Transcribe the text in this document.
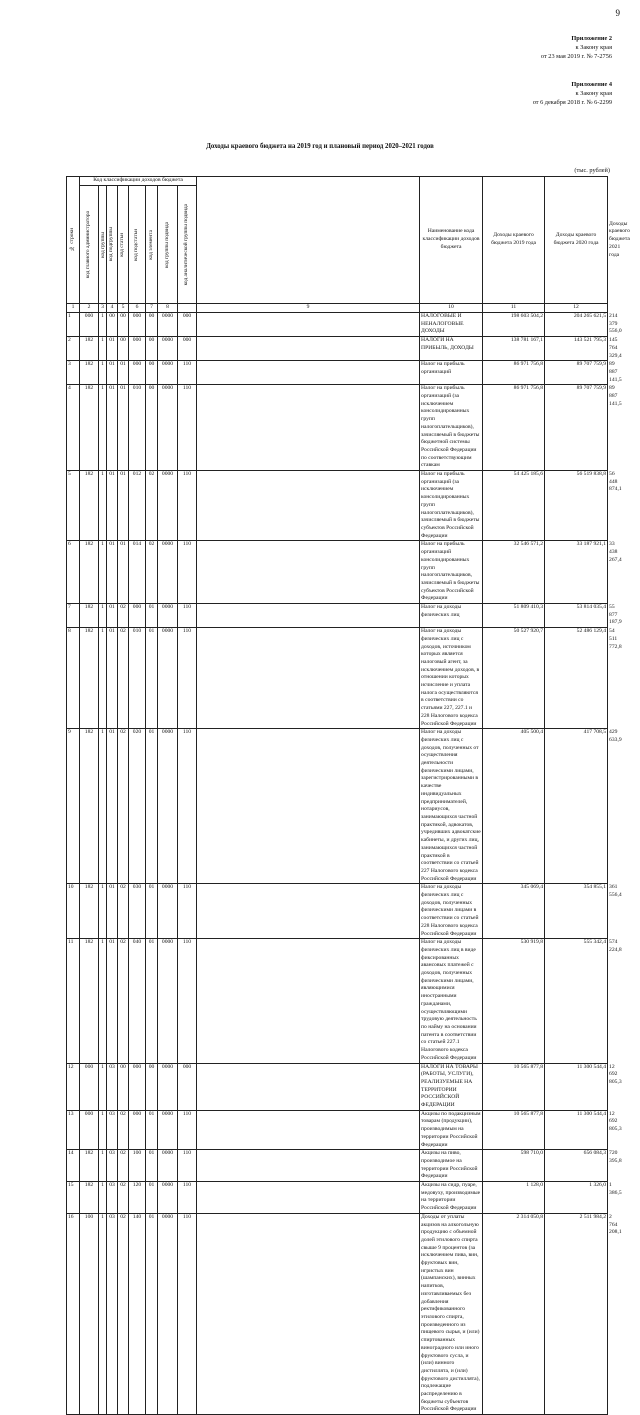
9
Приложение 2
к Закону края
от 23 мая 2019 г. № 7-2756
Приложение 4
к Закону края
от 6 декабря 2018 г. № 6-2299
Доходы краевого бюджета на 2019 год и плановый период 2020–2021 годов
(тыс. рублей)
№ строки	Код классификации доходов бюджета									Наименование кода классификации доходов бюджета	Доходы краевого бюджета 2019 года	Доходы краевого бюджета 2020 года	Доходы краевого бюджета 2021 года

	код главного администратора	код группы	код подгруппы	код статьи	код подстатьи	код элемента	код группы подвида	код аналитической группы подвида					

1	2	3	4	5	6	7	8		9	10	11	12	
1	000	1	00	00	000	00	0000	000		НАЛОГОВЫЕ И НЕНАЛОГОВЫЕ ДОХОДЫ	198 603 504,2	204 265 621,5	214 379 556,0
2	182	1	01	00	000	00	0000	000		НАЛОГИ НА ПРИБЫЛЬ, ДОХОДЫ	138 781 167,1	143 521 795,3	145 764 329,4
3	182	1	01	01	000	00	0000	110		Налог на прибыль организаций	86 971 756,8	89 707 759,9	89 887 141,5
4	182	1	01	01	010	00	0000	110		Налог на прибыль организаций (за исключением консолидированных групп налогоплательщиков), зачисляемый в бюджеты бюджетной системы Российской Федерации по соответствующим ставкам	86 971 756,8	89 707 759,9	89 887 141,5
5	182	1	01	01	012	02	0000	110		Налог на прибыль организаций (за исключением консолидированных групп налогоплательщиков), зачисляемый в бюджеты субъектов Российской Федерации	54 425 185,6	56 519 838,8	56 448 874,1
6	182	1	01	01	014	02	0000	110		Налог на прибыль организаций консолидированных групп налогоплательщиков, зачисляемый в бюджеты субъектов Российской Федерации	32 546 571,2	33 187 921,1	33 438 267,4
7	182	1	01	02	000	01	0000	110		Налог на доходы физических лиц	51 809 410,3	53 814 035,4	55 877 187,9
8	182	1	01	02	010	01	0000	110		Налог на доходы физических лиц с доходов, источником которых является налоговый агент, за исключением доходов, в отношении которых исчисление и уплата налога осуществляются в соответствии со статьями 227, 227.1 и 228 Налогового кодекса Российской Федерации	50 527 920,7	52 486 129,4	54 511 772,8
9	182	1	01	02	020	01	0000	110		Налог на доходы физических лиц с доходов, полученных от осуществления деятельности физическими лицами, зарегистрированными в качестве индивидуальных предпринимателей, нотариусов, занимающихся частной практикой, адвокатов, учредивших адвокатские кабинеты, и других лиц, занимающихся частной практикой в соответствии со статьей 227 Налогового кодекса Российской Федерации	405 500,4	417 708,5	429 633,9
10	182	1	01	02	030	01	0000	110		Налог на доходы физических лиц с доходов, полученных физическими лицами в соответствии со статьей 228 Налогового кодекса Российской Федерации	345 069,4	354 855,1	361 556,4
11	182	1	01	02	040	01	0000	110		Налог на доходы физических лиц в виде фиксированных авансовых платежей с доходов, полученных физическими лицами, являющимися иностранными гражданами, осуществляющими трудовую деятельность по найму на основании патента в соответствии со статьей 227.1 Налогового кодекса Российской Федерации	530 919,8	555 342,4	574 224,8
12	000	1	03	00	000	00	0000	000		НАЛОГИ НА ТОВАРЫ (РАБОТЫ, УСЛУГИ), РЕАЛИЗУЕМЫЕ НА ТЕРРИТОРИИ РОССИЙСКОЙ ФЕДЕРАЦИИ	10 565 877,8	11 300 544,4	12 692 805,3
13	000	1	03	02	000	01	0000	110		Акцизы по подакцизным товарам (продукции), производимым на территории Российской Федерации	10 565 877,8	11 300 544,4	12 692 805,3
14	182	1	03	02	100	01	0000	110		Акцизы на пиво, производимое на территории Российской Федерации	598 710,0	656 084,3	720 395,8
15	182	1	03	02	120	01	0000	110		Акцизы на сидр, пуаре, медовуху, производимые на территории Российской Федерации	1 128,0	1 326,0	1 386,5
16	100	1	03	02	140	01	0000	110		Доходы от уплаты акцизов на алкогольную продукцию с объемной долей этилового спирта свыше 9 процентов (за исключением пива, вин, фруктовых вин, игристых вин (шампанских), винных напитков, изготавливаемых без добавления ректификованного этилового спирта, произведенного из пищевого сырья, и (или) спиртованных виноградного или иного фруктового сусла, и (или) винного дистиллята, и (или) фруктового дистиллята), подлежащие распределению в бюджеты субъектов Российской Федерации	2 314 050,8	2 511 984,2	2 764 208,1
